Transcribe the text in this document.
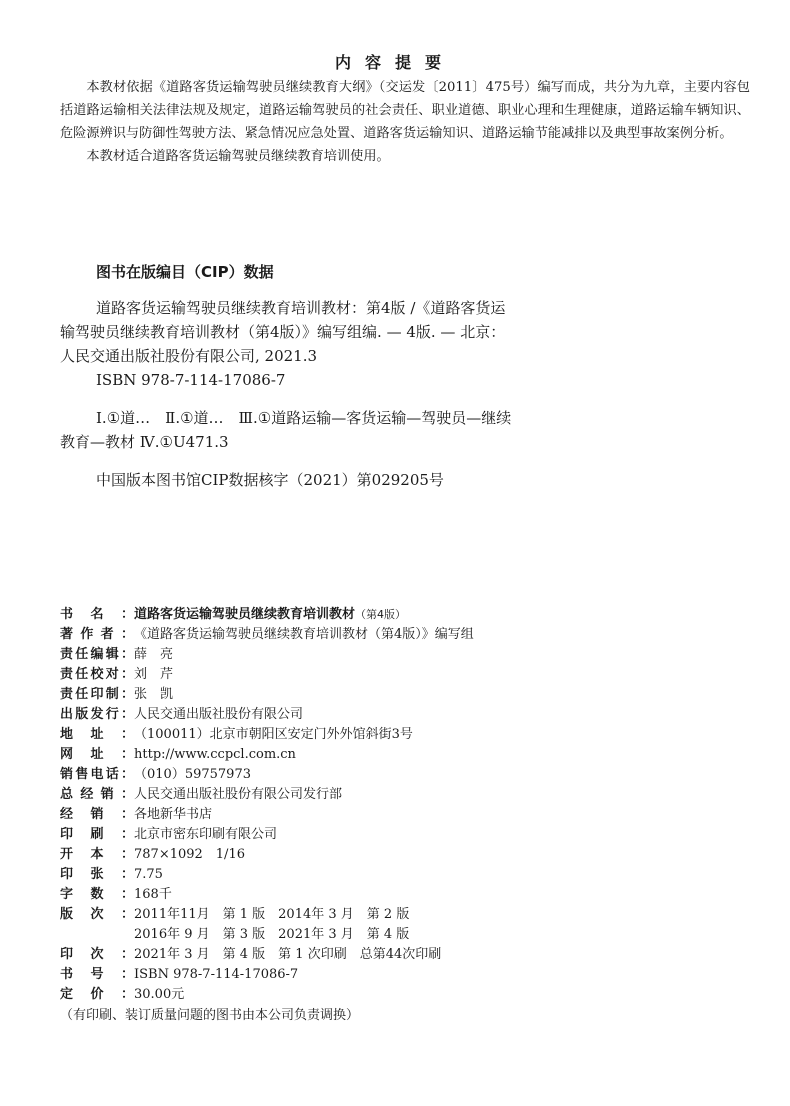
内容提要

本教材依据《道路客货运输驾驶员继续教育大纲》（交运发〔2011〕475号）编写而成，共分为九章，主要内容包括道路运输相关法律法规及规定，道路运输驾驶员的社会责任、职业道德、职业心理和生理健康，道路运输车辆知识、危险源辨识与防御性驾驶方法、紧急情况应急处置、道路客货运输知识、道路运输节能减排以及典型事故案例分析。

本教材适合道路客货运输驾驶员继续教育培训使用。

图书在版编目（CIP）数据

道路客货运输驾驶员继续教育培训教材：第4版 /《道路客货运输驾驶员继续教育培训教材（第4版）》编写组编. — 4版. — 北京：人民交通出版社股份有限公司, 2021.3

ISBN 978-7-114-17086-7

Ⅰ.①道…　Ⅱ.①道…　Ⅲ.①道路运输—客货运输—驾驶员—继续教育—教材 Ⅳ.①U471.3

中国版本图书馆CIP数据核字（2021）第029205号

书 名 ： 道路客货运输驾驶员继续教育培训教材（第4版）
著 作 者 ： 《道路客货运输驾驶员继续教育培训教材（第4版）》编写组
责 任 编 辑 ： 薛　亮
责 任 校 对 ： 刘　芹
责 任 印 制 ： 张　凯
出 版 发 行 ： 人民交通出版社股份有限公司
地 址 ： （100011）北京市朝阳区安定门外外馆斜街3号
网 址 ： http://www.ccpcl.com.cn
销 售 电 话 ： （010）59757973
总 经 销 ： 人民交通出版社股份有限公司发行部
经 销 ： 各地新华书店
印 刷 ： 北京市密东印刷有限公司
开 本 ： 787×1092　1/16
印 张 ： 7.75
字 数 ： 168千
版 次 ： 2011年11月　第 1 版　2014年 3 月　第 2 版
2016年 9 月　第 3 版　2021年 3 月　第 4 版
印 次 ： 2021年 3 月　第 4 版　第 1 次印刷　总第44次印刷
书 号 ： ISBN 978-7-114-17086-7
定 价 ： 30.00元
（有印刷、装订质量问题的图书由本公司负责调换）
